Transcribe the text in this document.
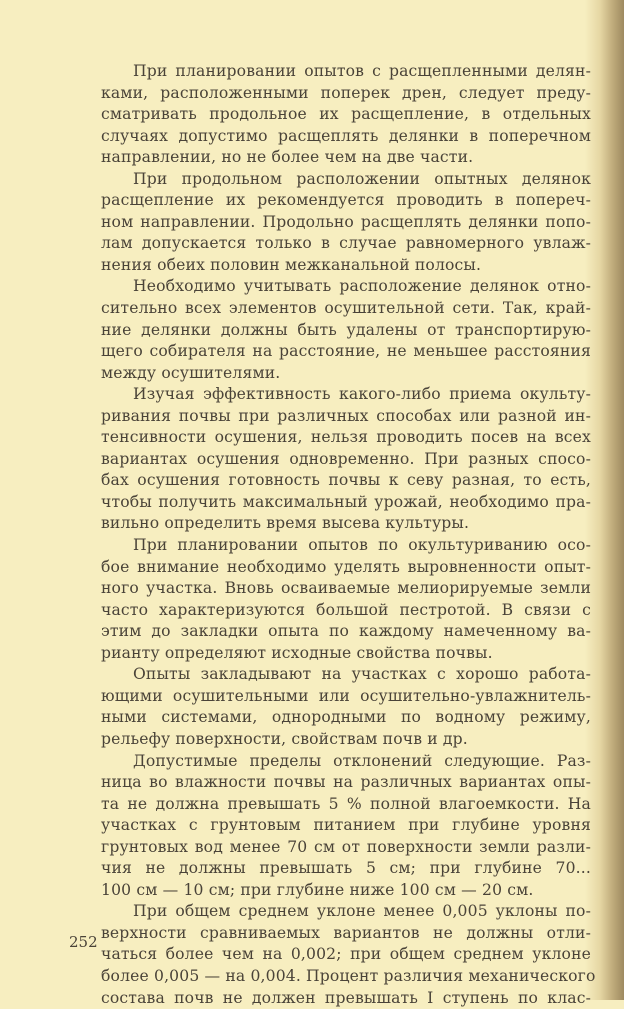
При планировании опытов с расщепленными делян-
ками, расположенными поперек дрен, следует преду-
сматривать продольное их расщепление, в отдельных
случаях допустимо расщеплять делянки в поперечном
направлении, но не более чем на две части.
При продольном расположении опытных делянок
расщепление их рекомендуется проводить в попереч-
ном направлении. Продольно расщеплять делянки попо-
лам допускается только в случае равномерного увлаж-
нения обеих половин межканальной полосы.
Необходимо учитывать расположение делянок отно-
сительно всех элементов осушительной сети. Так, край-
ние делянки должны быть удалены от транспортирую-
щего собирателя на расстояние, не меньшее расстояния
между осушителями.
Изучая эффективность какого-либо приема окульту-
ривания почвы при различных способах или разной ин-
тенсивности осушения, нельзя проводить посев на всех
вариантах осушения одновременно. При разных спосо-
бах осушения готовность почвы к севу разная, то есть,
чтобы получить максимальный урожай, необходимо пра-
вильно определить время высева культуры.
При планировании опытов по окультуриванию осо-
бое внимание необходимо уделять выровненности опыт-
ного участка. Вновь осваиваемые мелиорируемые земли
часто характеризуются большой пестротой. В связи с
этим до закладки опыта по каждому намеченному ва-
рианту определяют исходные свойства почвы.
Опыты закладывают на участках с хорошо работа-
ющими осушительными или осушительно-увлажнитель-
ными системами, однородными по водному режиму,
рельефу поверхности, свойствам почв и др.
Допустимые пределы отклонений следующие. Раз-
ница во влажности почвы на различных вариантах опы-
та не должна превышать 5 % полной влагоемкости. На
участках с грунтовым питанием при глубине уровня
грунтовых вод менее 70 см от поверхности земли разли-
чия не должны превышать 5 см; при глубине 70...
100 см — 10 см; при глубине ниже 100 см — 20 см.
При общем среднем уклоне менее 0,005 уклоны по-
верхности сравниваемых вариантов не должны отли-
чаться более чем на 0,002; при общем среднем уклоне
более 0,005 — на 0,004. Процент различия механического
состава почв не должен превышать I ступень по клас-
252
